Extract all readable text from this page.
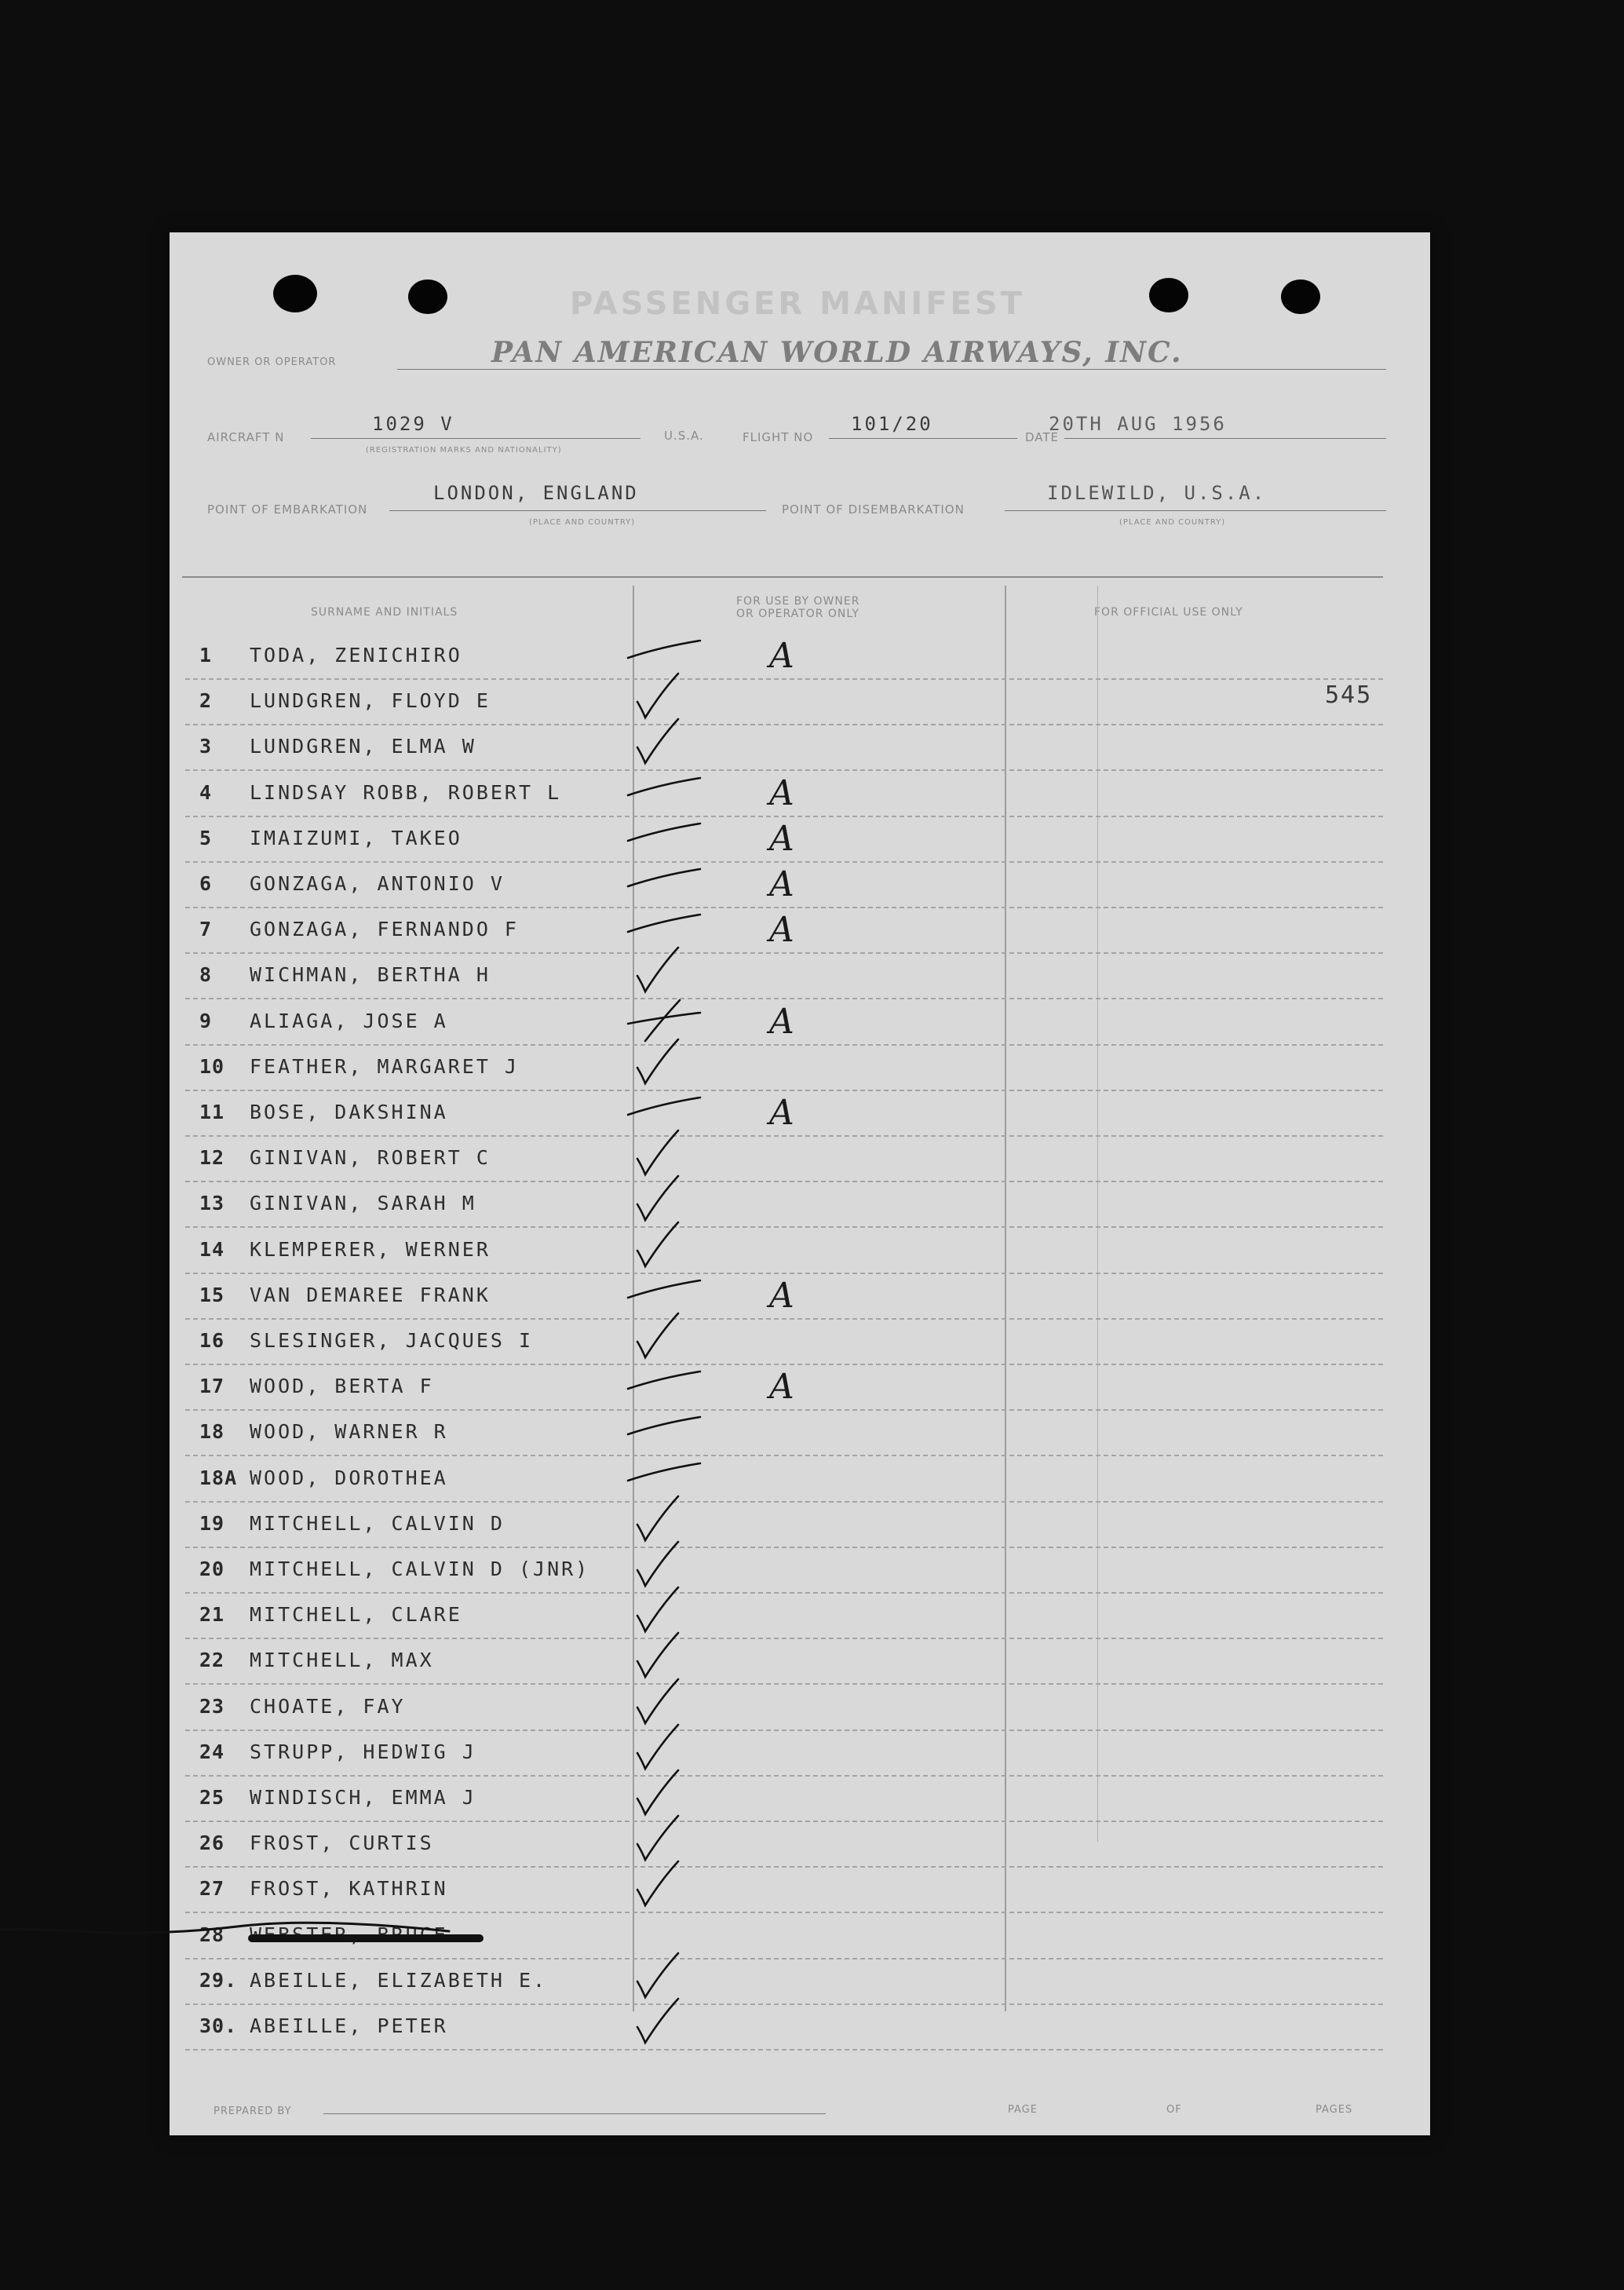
PASSENGER MANIFEST
OWNER OR OPERATOR	PAN AMERICAN WORLD AIRWAYS, INC.
AIRCRAFT N
1029 V
(REGISTRATION MARKS AND NATIONALITY)
U.S.A.	FLIGHT NO
101/20
DATE
20TH AUG 1956
POINT OF EMBARKATION
LONDON, ENGLAND
(PLACE AND COUNTRY)
POINT OF DISEMBARKATION
IDLEWILD, U.S.A.
(PLACE AND COUNTRY)
SURNAME AND INITIALS
FOR USE BY OWNER
OR OPERATOR ONLY	FOR OFFICIAL USE ONLY
545
1 TODA, ZENICHIRO	A
2 LUNDGREN, FLOYD E
3 LUNDGREN, ELMA W
4 LINDSAY ROBB, ROBERT L	A
5 IMAIZUMI, TAKEO	A
6 GONZAGA, ANTONIO V	A
7 GONZAGA, FERNANDO F	A
8 WICHMAN, BERTHA H
9 ALIAGA, JOSE A	A
10 FEATHER, MARGARET J
11 BOSE, DAKSHINA	A
12 GINIVAN, ROBERT C
13 GINIVAN, SARAH M
14 KLEMPERER, WERNER
15 VAN DEMAREE FRANK	A
16 SLESINGER, JACQUES I
17 WOOD, BERTA F	A
18 WOOD, WARNER R
18A WOOD, DOROTHEA
19 MITCHELL, CALVIN D
20 MITCHELL, CALVIN D (JNR)
21 MITCHELL, CLARE
22 MITCHELL, MAX
23 CHOATE, FAY
24 STRUPP, HEDWIG J
25 WINDISCH, EMMA J
26 FROST, CURTIS
27 FROST, KATHRIN
28
29. ABEILLE, ELIZABETH E.
30. ABEILLE, PETER
PREPARED BY	PAGE	OF	PAGES
